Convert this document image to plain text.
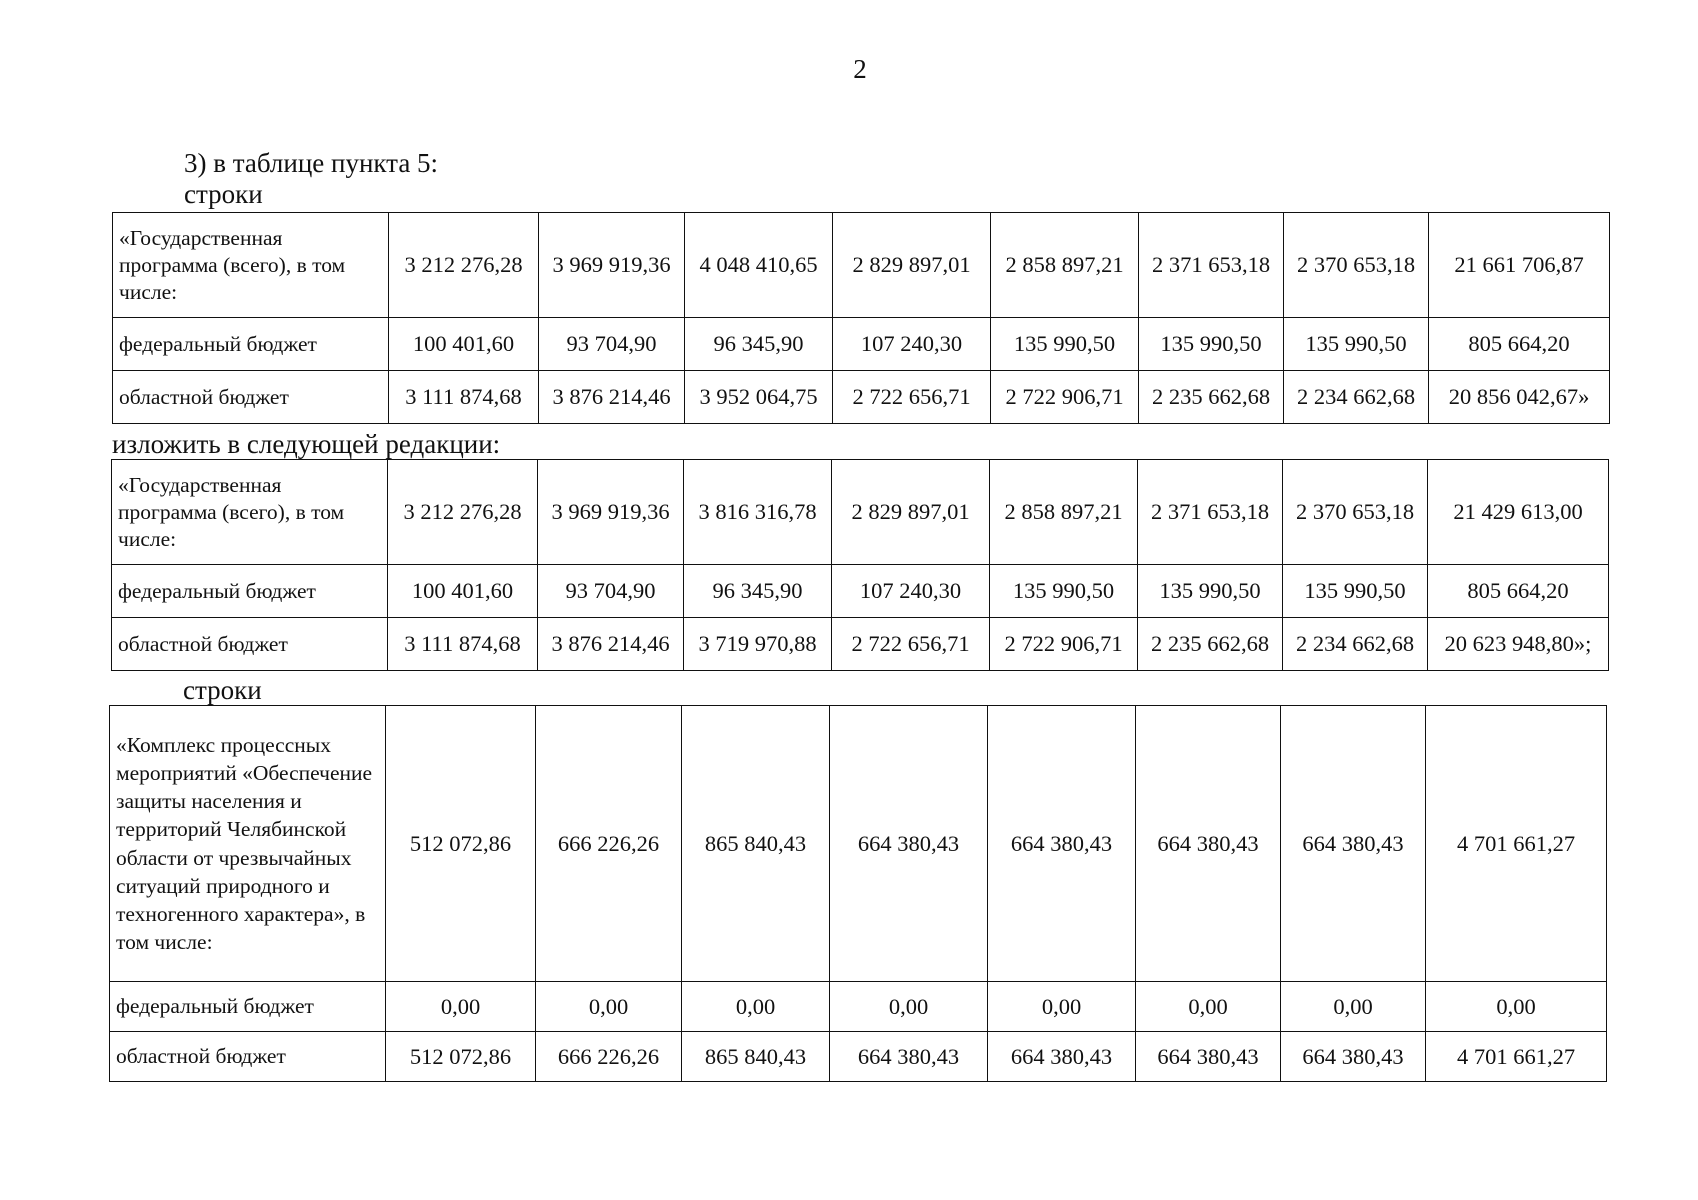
2
3) в таблице пункта 5:
строки
«Государственная программа (всего), в том числе:	3 212 276,28	3 969 919,36	4 048 410,65	2 829 897,01	2 858 897,21	2 371 653,18	2 370 653,18	21 661 706,87
федеральный бюджет	100 401,60	93 704,90	96 345,90	107 240,30	135 990,50	135 990,50	135 990,50	805 664,20
областной бюджет	3 111 874,68	3 876 214,46	3 952 064,75	2 722 656,71	2 722 906,71	2 235 662,68	2 234 662,68	20 856 042,67»
изложить в следующей редакции:
«Государственная программа (всего), в том числе:	3 212 276,28	3 969 919,36	3 816 316,78	2 829 897,01	2 858 897,21	2 371 653,18	2 370 653,18	21 429 613,00
федеральный бюджет	100 401,60	93 704,90	96 345,90	107 240,30	135 990,50	135 990,50	135 990,50	805 664,20
областной бюджет	3 111 874,68	3 876 214,46	3 719 970,88	2 722 656,71	2 722 906,71	2 235 662,68	2 234 662,68	20 623 948,80»;
строки
«Комплекс процессных мероприятий «Обеспечение защиты населения и территорий Челябинской области от чрезвычайных ситуаций природного и техногенного характера», в том числе:	512 072,86	666 226,26	865 840,43	664 380,43	664 380,43	664 380,43	664 380,43	4 701 661,27
федеральный бюджет	0,00	0,00	0,00	0,00	0,00	0,00	0,00	0,00
областной бюджет	512 072,86	666 226,26	865 840,43	664 380,43	664 380,43	664 380,43	664 380,43	4 701 661,27
